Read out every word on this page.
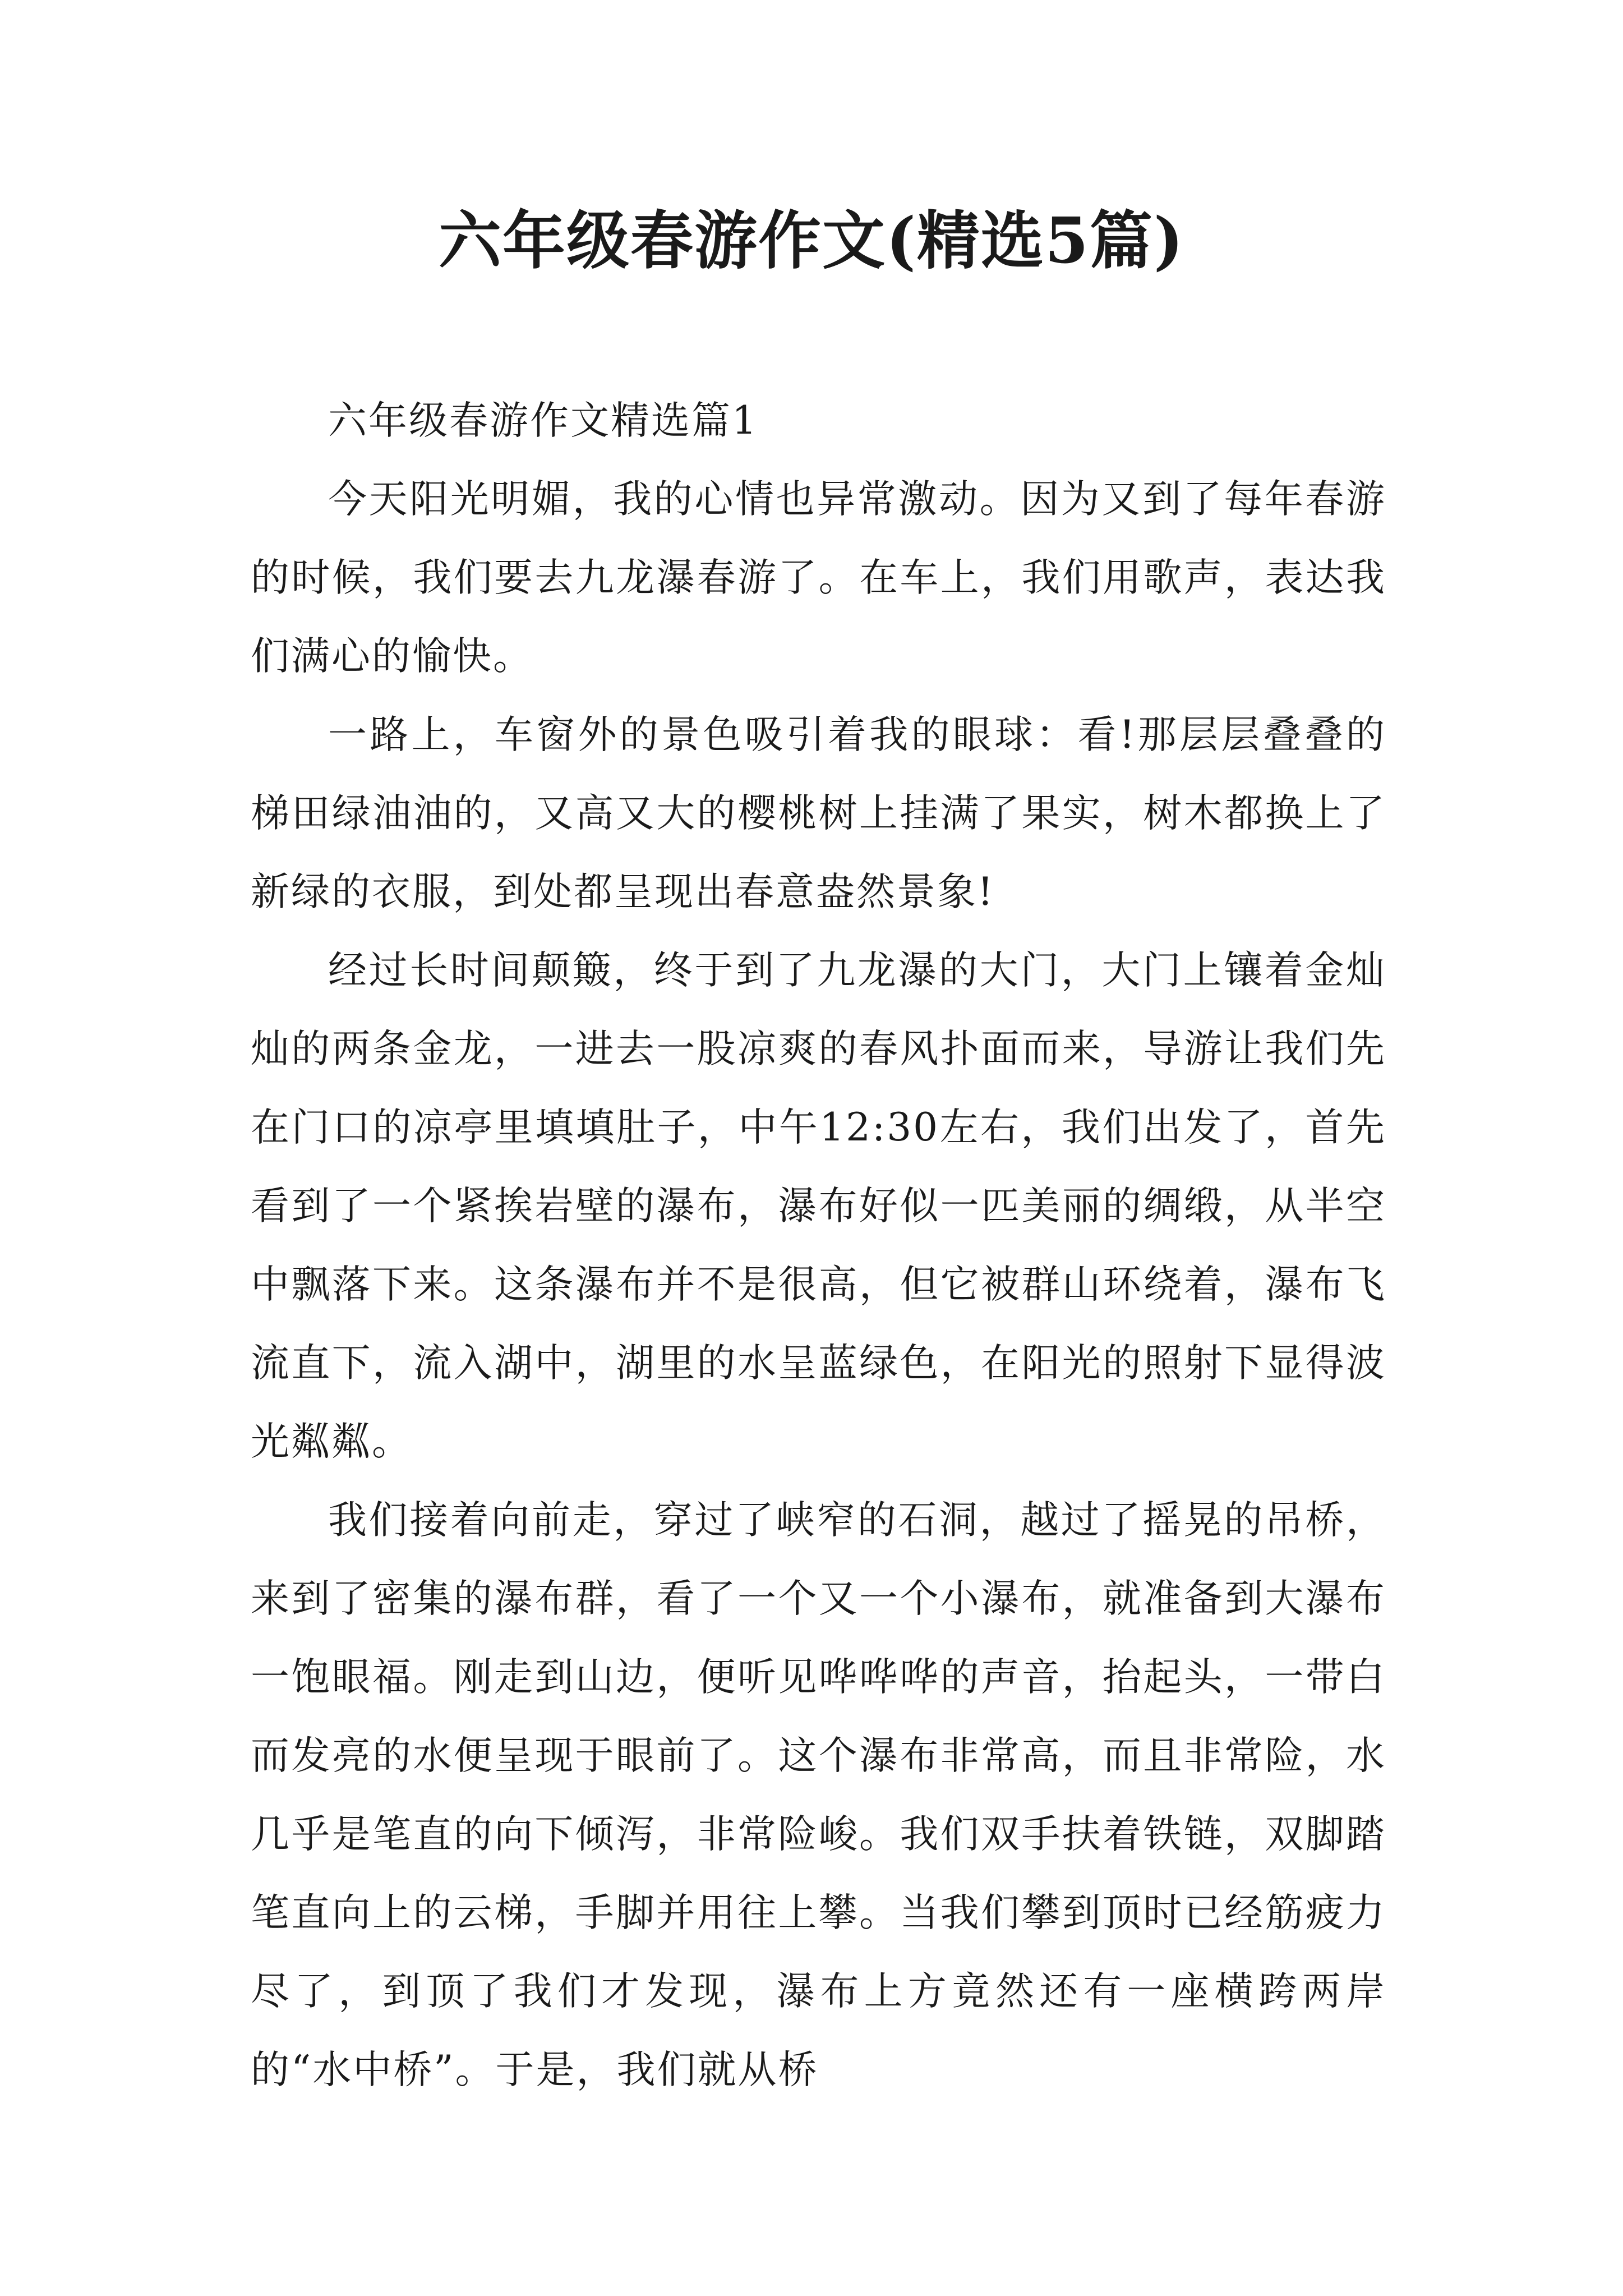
六年级春游作文(精选5篇)

六年级春游作文精选篇1

今天阳光明媚，我的心情也异常激动。因为又到了每年春游的时候，我们要去九龙瀑春游了。在车上，我们用歌声，表达我们满心的愉快。

一路上，车窗外的景色吸引着我的眼球：看!那层层叠叠的梯田绿油油的，又高又大的樱桃树上挂满了果实，树木都换上了新绿的衣服，到处都呈现出春意盎然景象!

经过长时间颠簸，终于到了九龙瀑的大门，大门上镶着金灿灿的两条金龙，一进去一股凉爽的春风扑面而来，导游让我们先在门口的凉亭里填填肚子，中午12:30左右，我们出发了，首先看到了一个紧挨岩壁的瀑布，瀑布好似一匹美丽的绸缎，从半空中飘落下来。这条瀑布并不是很高，但它被群山环绕着，瀑布飞流直下，流入湖中，湖里的水呈蓝绿色，在阳光的照射下显得波光粼粼。

我们接着向前走，穿过了峡窄的石洞，越过了摇晃的吊桥，来到了密集的瀑布群，看了一个又一个小瀑布，就准备到大瀑布一饱眼福。刚走到山边，便听见哗哗哗的声音，抬起头，一带白而发亮的水便呈现于眼前了。这个瀑布非常高，而且非常险，水几乎是笔直的向下倾泻，非常险峻。我们双手扶着铁链，双脚踏笔直向上的云梯，手脚并用往上攀。当我们攀到顶时已经筋疲力尽了，到顶了我们才发现，瀑布上方竟然还有一座横跨两岸的“水中桥”。于是，我们就从桥
